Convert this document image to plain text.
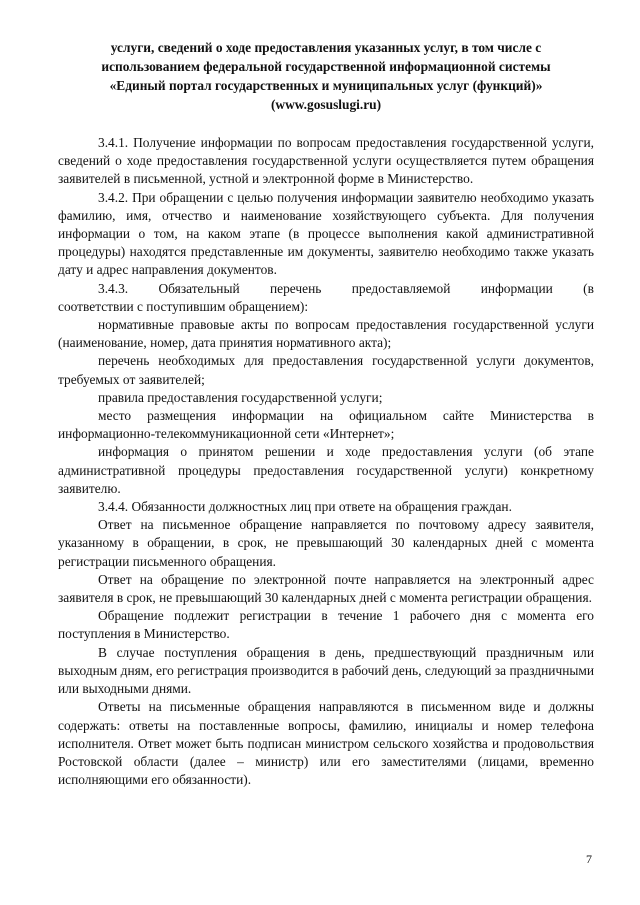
услуги, сведений о ходе предоставления указанных услуг, в том числе с
использованием федеральной государственной информационной системы
«Единый портал государственных и муниципальных услуг (функций)»
(www.gosuslugi.ru)

3.4.1. Получение информации по вопросам предоставления государственной услуги, сведений о ходе предоставления государственной услуги осуществляется путем обращения заявителей в письменной, устной и электронной форме в Министерство.

3.4.2. При обращении с целью получения информации заявителю необходимо указать фамилию, имя, отчество и наименование хозяйствующего субъекта. Для получения информации о том, на каком этапе (в процессе выполнения какой административной процедуры) находятся представленные им документы, заявителю необходимо также указать дату и адрес направления документов.

3.4.3. Обязательный перечень предоставляемой информации (в
соответствии с поступившим обращением):

нормативные правовые акты по вопросам предоставления государственной услуги (наименование, номер, дата принятия нормативного акта);

перечень необходимых для предоставления государственной услуги документов, требуемых от заявителей;

правила предоставления государственной услуги;

место размещения информации на официальном сайте Министерства в информационно-телекоммуникационной сети «Интернет»;

информация о принятом решении и ходе предоставления услуги (об этапе административной процедуры предоставления государственной услуги) конкретному заявителю.

3.4.4. Обязанности должностных лиц при ответе на обращения граждан.

Ответ на письменное обращение направляется по почтовому адресу заявителя, указанному в обращении, в срок, не превышающий 30 календарных дней с момента регистрации письменного обращения.

Ответ на обращение по электронной почте направляется на электронный адрес заявителя в срок, не превышающий 30 календарных дней с момента регистрации обращения.

Обращение подлежит регистрации в течение 1 рабочего дня с момента его поступления в Министерство.

В случае поступления обращения в день, предшествующий праздничным или выходным дням, его регистрация производится в рабочий день, следующий за праздничными или выходными днями.

Ответы на письменные обращения направляются в письменном виде и должны содержать: ответы на поставленные вопросы, фамилию, инициалы и номер телефона исполнителя. Ответ может быть подписан министром сельского хозяйства и продовольствия Ростовской области (далее – министр) или его заместителями (лицами, временно исполняющими его обязанности).

7
